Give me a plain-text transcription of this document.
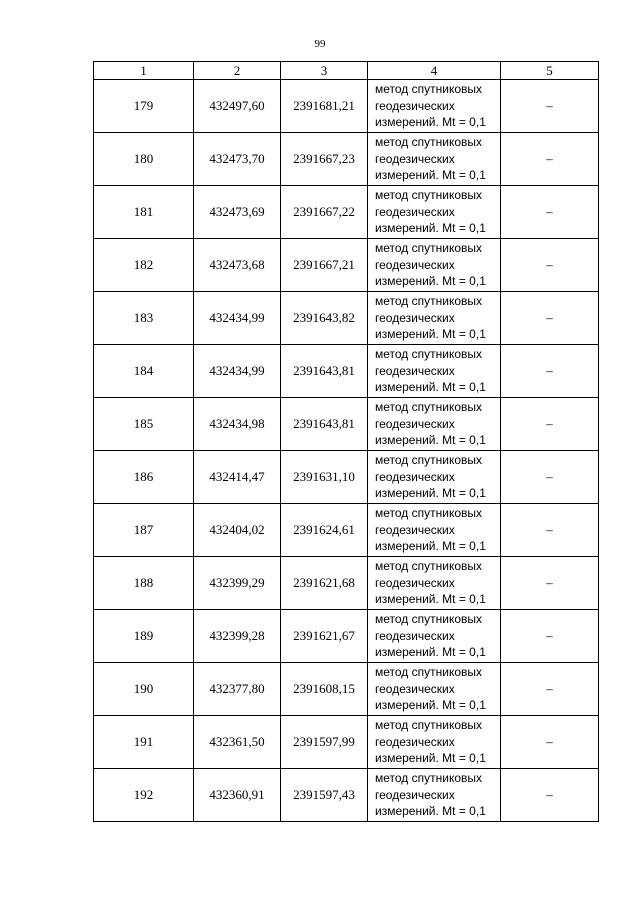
99
1	2	3	4	5
179	432497,60	2391681,21	метод спутниковых
геодезических
измерений. Mt = 0,1	–
180	432473,70	2391667,23	метод спутниковых
геодезических
измерений. Mt = 0,1	–
181	432473,69	2391667,22	метод спутниковых
геодезических
измерений. Mt = 0,1	–
182	432473,68	2391667,21	метод спутниковых
геодезических
измерений. Mt = 0,1	–
183	432434,99	2391643,82	метод спутниковых
геодезических
измерений. Mt = 0,1	–
184	432434,99	2391643,81	метод спутниковых
геодезических
измерений. Mt = 0,1	–
185	432434,98	2391643,81	метод спутниковых
геодезических
измерений. Mt = 0,1	–
186	432414,47	2391631,10	метод спутниковых
геодезических
измерений. Mt = 0,1	–
187	432404,02	2391624,61	метод спутниковых
геодезических
измерений. Mt = 0,1	–
188	432399,29	2391621,68	метод спутниковых
геодезических
измерений. Mt = 0,1	–
189	432399,28	2391621,67	метод спутниковых
геодезических
измерений. Mt = 0,1	–
190	432377,80	2391608,15	метод спутниковых
геодезических
измерений. Mt = 0,1	–
191	432361,50	2391597,99	метод спутниковых
геодезических
измерений. Mt = 0,1	–
192	432360,91	2391597,43	метод спутниковых
геодезических
измерений. Mt = 0,1	–
